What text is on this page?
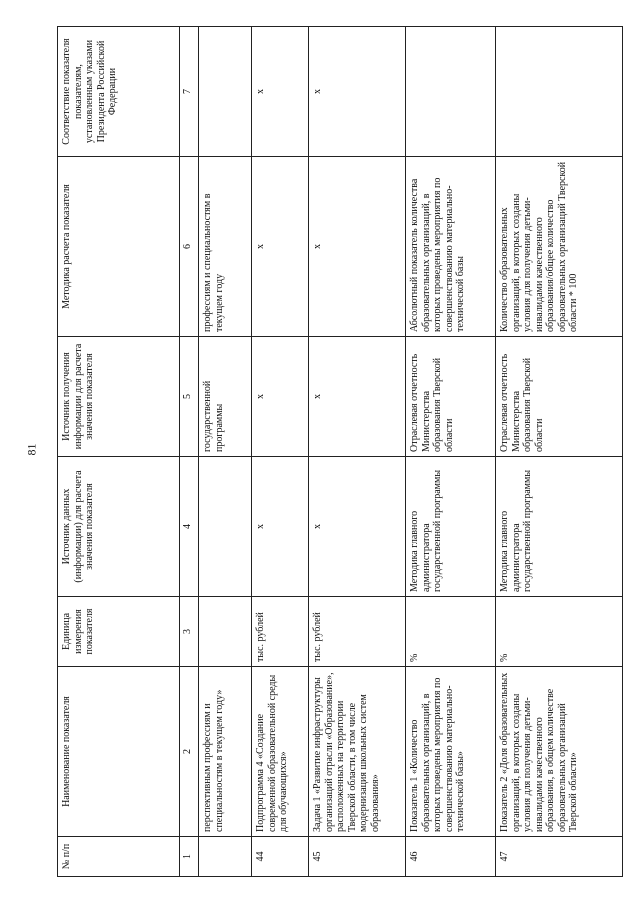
81
№ п/п	Наименование показателя	Единица измерения показателя	Источник данных (информации) для расчета значения показателя	Источник получения информации для расчета значения показателя	Методика расчета показателя	Соответствие показателя показателям, установленным указами Президента Российской Федерации
1	2	3	4	5	6	7
	перспективным профессиям и специальностям в текущем году»			государственной программы	профессиям и специальностям в текущем году	
44	Подпрограмма 4 «Создание современной образовательной среды для обучающихся»	тыс. рублей	х	х	х	х
45	Задача 1 «Развитие инфраструктуры организаций отрасли «Образование», расположенных на территории Тверской области, в том числе модернизация школьных систем образования»	тыс. рублей	х	х	х	х
46	Показатель 1 «Количество образовательных организаций, в которых проведены мероприятия по совершенствованию материально-технической базы»	%	Методика главного администратора государственной программы	Отраслевая отчетность Министерства образования Тверской области	Абсолютный показатель количества образовательных организаций, в которых проведены мероприятия по совершенствованию материально-технической базы	
47	Показатель 2 «Доля образовательных организаций, в которых созданы условия для получения детьми-инвалидами качественного образования, в общем количестве образовательных организаций Тверской области»	%	Методика главного администратора государственной программы	Отраслевая отчетность Министерства образования Тверской области	Количество образовательных организаций, в которых созданы условия для получения детьми-инвалидами качественного образования/общее количество образовательных организаций Тверской области * 100	
